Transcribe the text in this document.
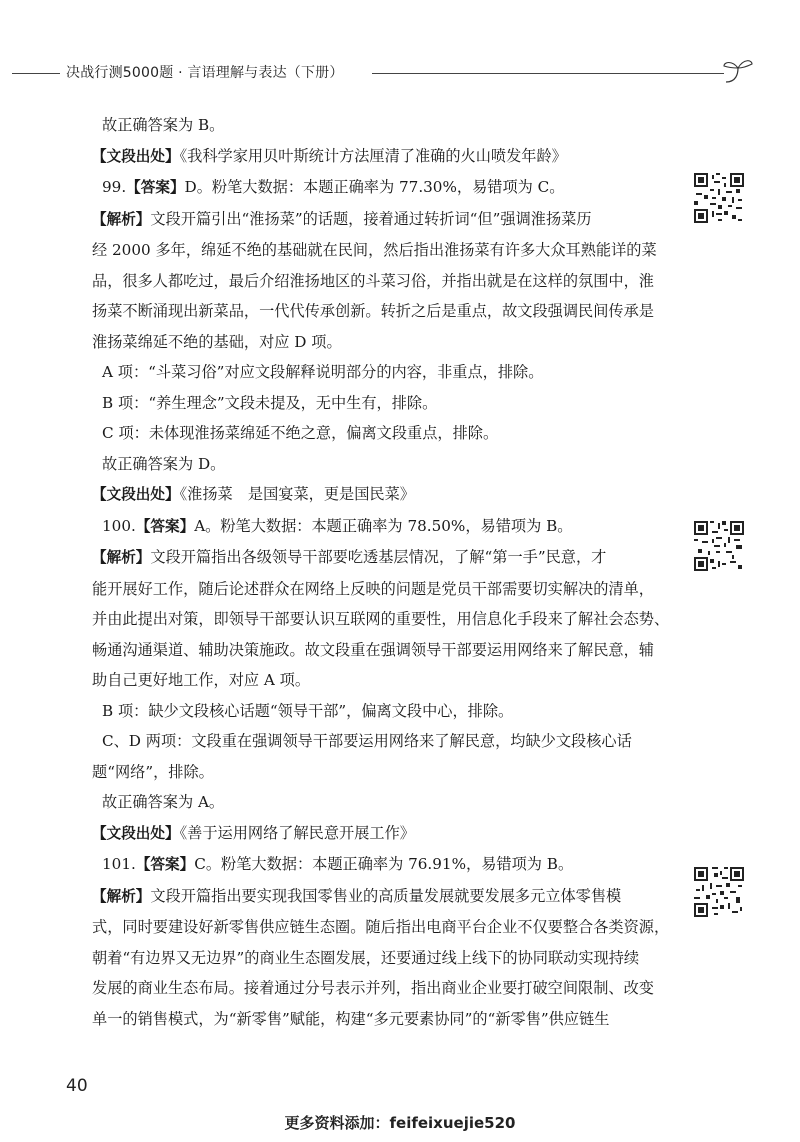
决战行测5000题 · 言语理解与表达（下册）

故正确答案为 B。

【文段出处】《我科学家用贝叶斯统计方法厘清了准确的火山喷发年龄》

99.【答案】D。粉笔大数据：本题正确率为 77.30%，易错项为 C。

【解析】文段开篇引出“淮扬菜”的话题，接着通过转折词“但”强调淮扬菜历
经 2000 多年，绵延不绝的基础就在民间，然后指出淮扬菜有许多大众耳熟能详的菜
品，很多人都吃过，最后介绍淮扬地区的斗菜习俗，并指出就是在这样的氛围中，淮
扬菜不断涌现出新菜品，一代代传承创新。转折之后是重点，故文段强调民间传承是
淮扬菜绵延不绝的基础，对应 D 项。

A 项：“斗菜习俗”对应文段解释说明部分的内容，非重点，排除。

B 项：“养生理念”文段未提及，无中生有，排除。

C 项：未体现淮扬菜绵延不绝之意，偏离文段重点，排除。

故正确答案为 D。

【文段出处】《淮扬菜　是国宴菜，更是国民菜》

100.【答案】A。粉笔大数据：本题正确率为 78.50%，易错项为 B。

【解析】文段开篇指出各级领导干部要吃透基层情况，了解“第一手”民意，才
能开展好工作，随后论述群众在网络上反映的问题是党员干部需要切实解决的清单，
并由此提出对策，即领导干部要认识互联网的重要性，用信息化手段来了解社会态势、
畅通沟通渠道、辅助决策施政。故文段重在强调领导干部要运用网络来了解民意，辅
助自己更好地工作，对应 A 项。

B 项：缺少文段核心话题“领导干部”，偏离文段中心，排除。

C、D 两项：文段重在强调领导干部要运用网络来了解民意，均缺少文段核心话
题“网络”，排除。

故正确答案为 A。

【文段出处】《善于运用网络了解民意开展工作》

101.【答案】C。粉笔大数据：本题正确率为 76.91%，易错项为 B。

【解析】文段开篇指出要实现我国零售业的高质量发展就要发展多元立体零售模
式，同时要建设好新零售供应链生态圈。随后指出电商平台企业不仅要整合各类资源，
朝着“有边界又无边界”的商业生态圈发展，还要通过线上线下的协同联动实现持续
发展的商业生态布局。接着通过分号表示并列，指出商业企业要打破空间限制、改变
单一的销售模式，为“新零售”赋能，构建“多元要素协同”的“新零售”供应链生

40
更多资料添加：feifeixuejie520
